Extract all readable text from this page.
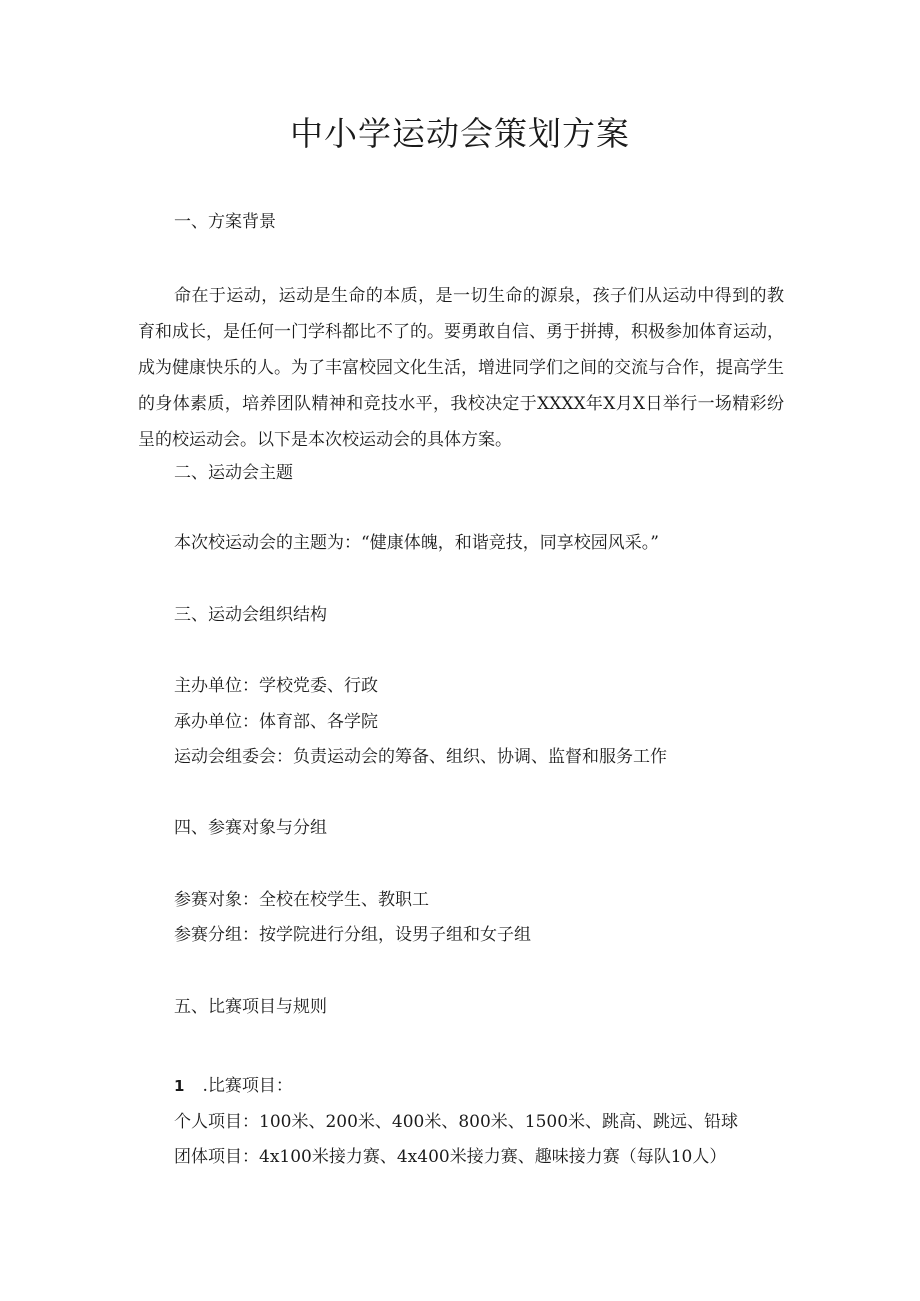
中小学运动会策划方案
一、方案背景
命在于运动，运动是生命的本质，是一切生命的源泉，孩子们从运动中得到的教育和成长，是任何一门学科都比不了的。要勇敢自信、勇于拼搏，积极参加体育运动，成为健康快乐的人。为了丰富校园文化生活，增进同学们之间的交流与合作，提高学生的身体素质，培养团队精神和竞技水平，我校决定于XXXX年X月X日举行一场精彩纷呈的校运动会。以下是本次校运动会的具体方案。
二、运动会主题
本次校运动会的主题为：“健康体魄，和谐竞技，同享校园风采。”
三、运动会组织结构
主办单位：学校党委、行政
承办单位：体育部、各学院
运动会组委会：负责运动会的筹备、组织、协调、监督和服务工作
四、参赛对象与分组
参赛对象：全校在校学生、教职工
参赛分组：按学院进行分组，设男子组和女子组
五、比赛项目与规则
1 .比赛项目：
个人项目：100米、200米、400米、800米、1500米、跳高、跳远、铅球
团体项目：4x100米接力赛、4x400米接力赛、趣味接力赛（每队10人）
